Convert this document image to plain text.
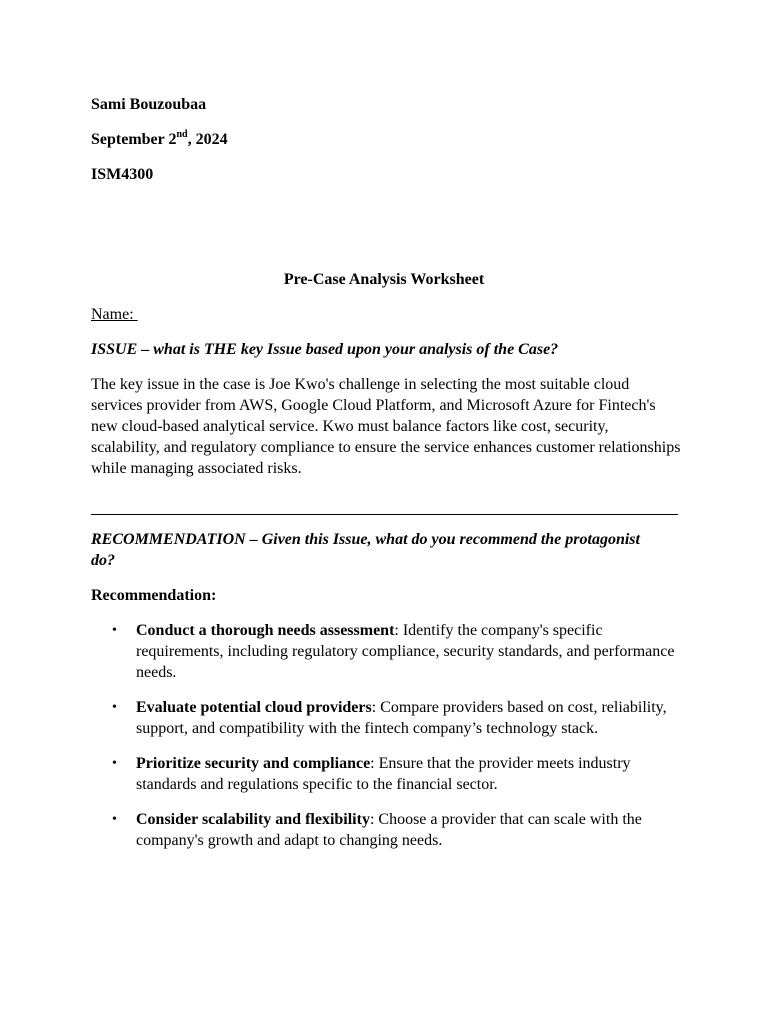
Sami Bouzoubaa
September 2nd, 2024
ISM4300
Pre-Case Analysis Worksheet
Name:
ISSUE – what is THE key Issue based upon your analysis of the Case?
The key issue in the case is Joe Kwo's challenge in selecting the most suitable cloud services provider from AWS, Google Cloud Platform, and Microsoft Azure for Fintech's new cloud-based analytical service. Kwo must balance factors like cost, security, scalability, and regulatory compliance to ensure the service enhances customer relationships while managing associated risks.
RECOMMENDATION – Given this Issue, what do you recommend the protagonist do?
Recommendation:
• Conduct a thorough needs assessment: Identify the company's specific requirements, including regulatory compliance, security standards, and performance needs.
• Evaluate potential cloud providers: Compare providers based on cost, reliability, support, and compatibility with the fintech company’s technology stack.
• Prioritize security and compliance: Ensure that the provider meets industry standards and regulations specific to the financial sector.
• Consider scalability and flexibility: Choose a provider that can scale with the company's growth and adapt to changing needs.
